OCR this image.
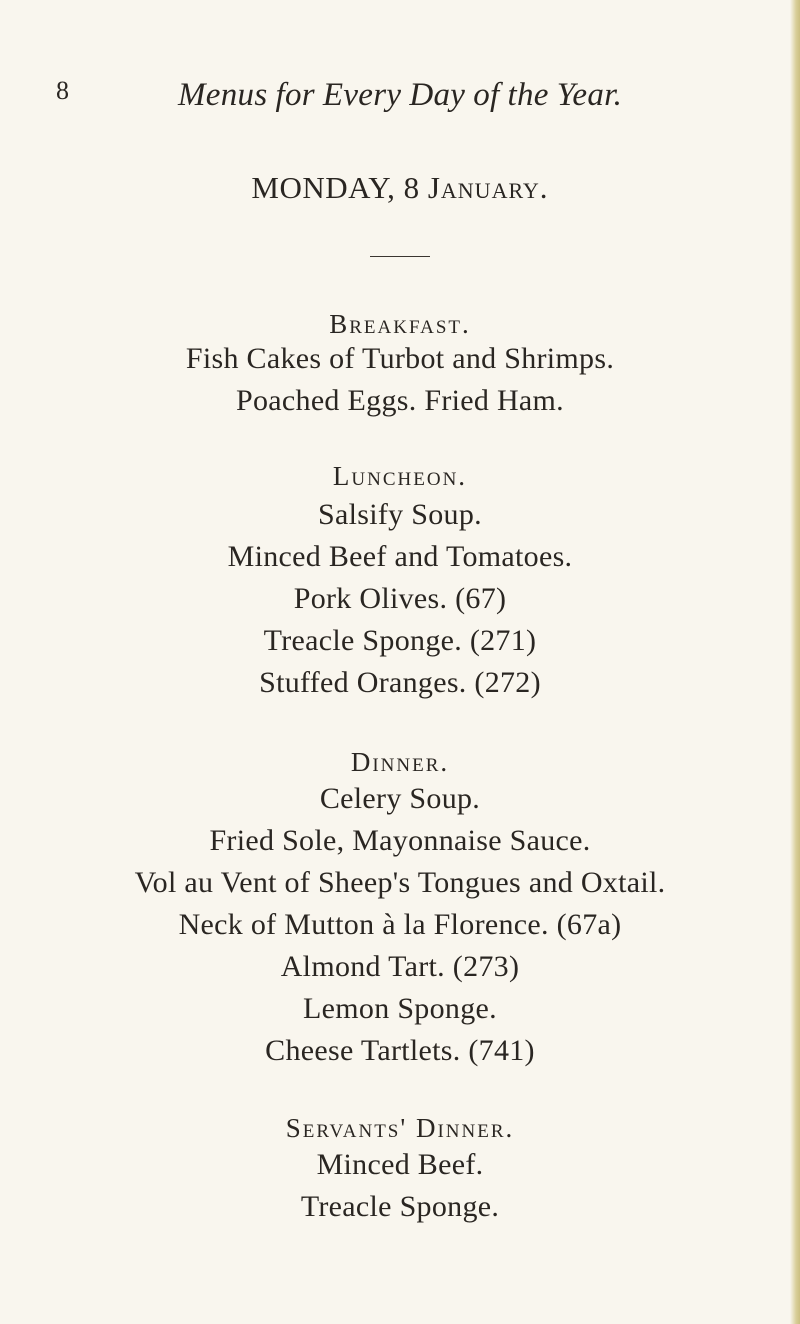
8	Menus for Every Day of the Year.
MONDAY, 8 January.
Breakfast.
Fish Cakes of Turbot and Shrimps.
Poached Eggs. Fried Ham.
Luncheon.
Salsify Soup.
Minced Beef and Tomatoes.
Pork Olives. (67)
Treacle Sponge. (271)
Stuffed Oranges. (272)
Dinner.
Celery Soup.
Fried Sole, Mayonnaise Sauce.
Vol au Vent of Sheep's Tongues and Oxtail.
Neck of Mutton à la Florence. (67a)
Almond Tart. (273)
Lemon Sponge.
Cheese Tartlets. (741)
Servants' Dinner.
Minced Beef.
Treacle Sponge.
